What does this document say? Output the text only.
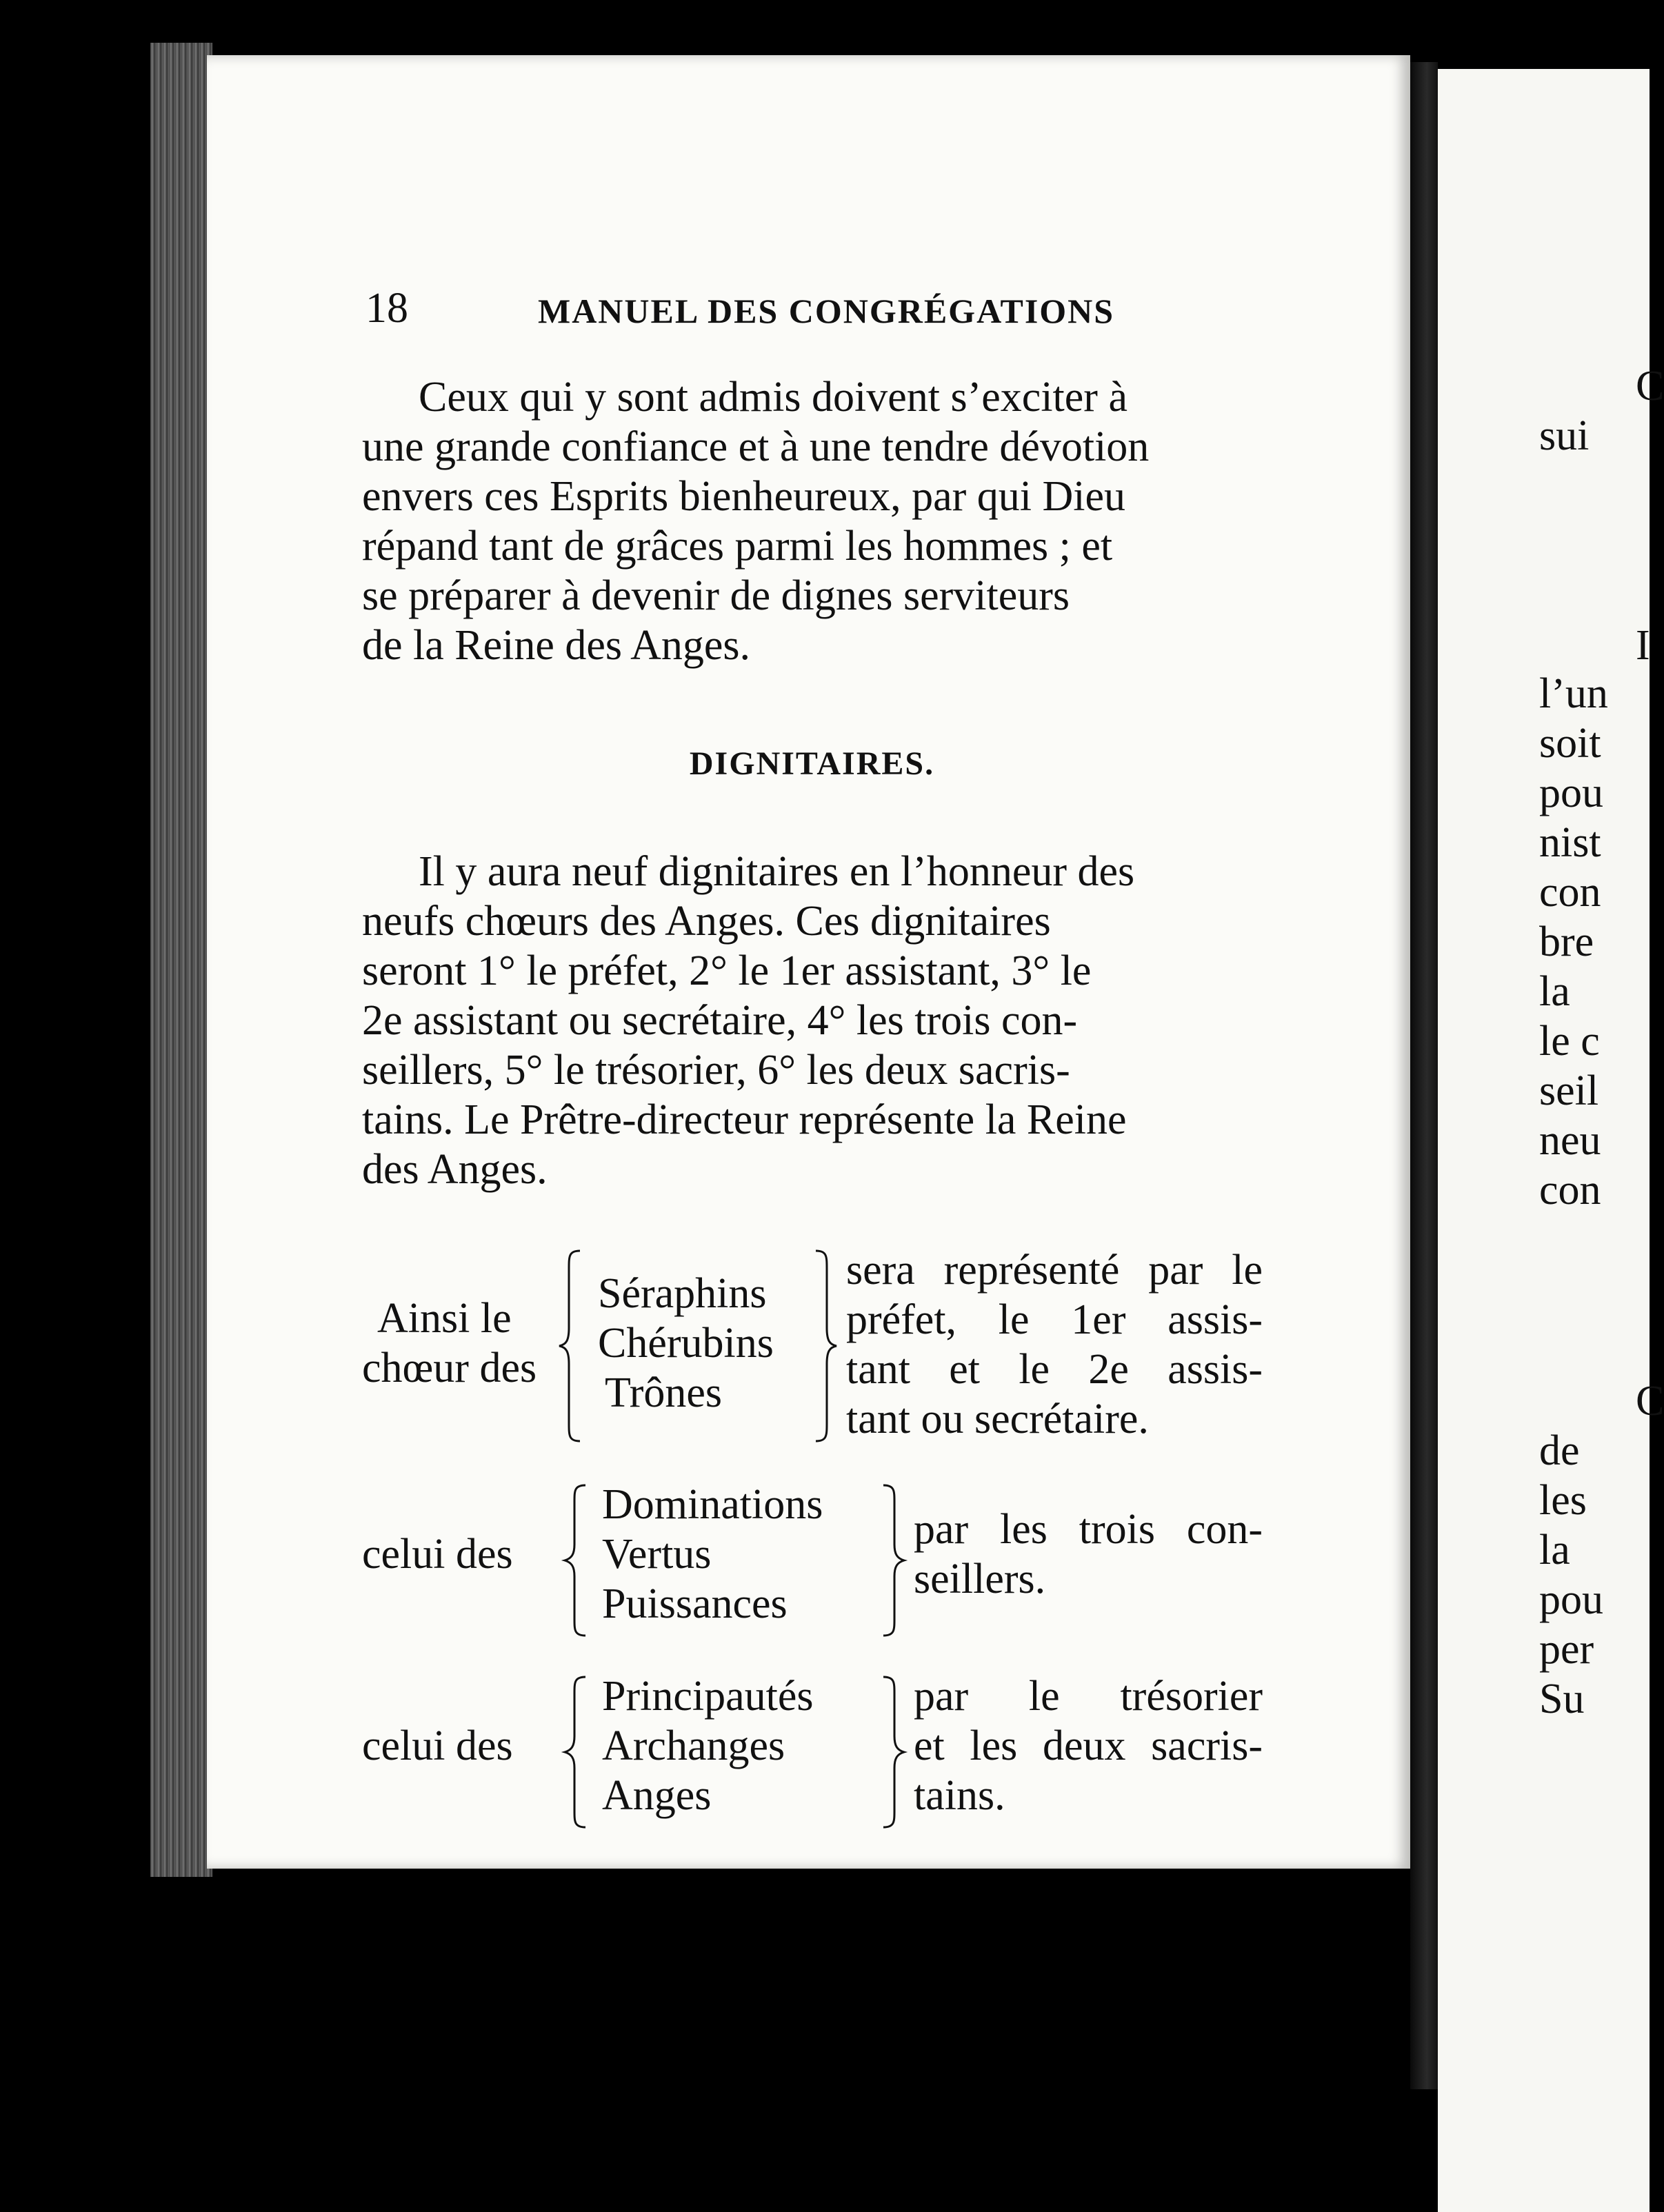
18	MANUEL DES CONGRÉGATIONS
Ceux qui y sont admis doivent s’exciter à
une grande confiance et à une tendre dévotion
envers ces Esprits bienheureux, par qui Dieu
répand tant de grâces parmi les hommes ; et
se préparer à devenir de dignes serviteurs
de la Reine des Anges.
DIGNITAIRES.
Il y aura neuf dignitaires en l’honneur des
neufs chœurs des Anges. Ces dignitaires
seront 1° le préfet, 2° le 1er assistant, 3° le
2e assistant ou secrétaire, 4° les trois con-
seillers, 5° le trésorier, 6° les deux sacris-
tains. Le Prêtre-directeur représente la Reine
des Anges.
Ainsi le
chœur des
Séraphins
Chérubins
Trônes
sera représenté par le
préfet, le 1er assis-
tant et le 2e assis-
tant ou secrétaire.
celui des
Dominations
Vertus
Puissances
par les trois con-
seillers.
celui des
Principautés
Archanges
Anges
par le trésorier
et les deux sacris-
tains.
C
sui
I
l’un
soit
pou
nist
con
bre
la
le c
seil
neu
con
C
de
les
la
pou
per
Su
